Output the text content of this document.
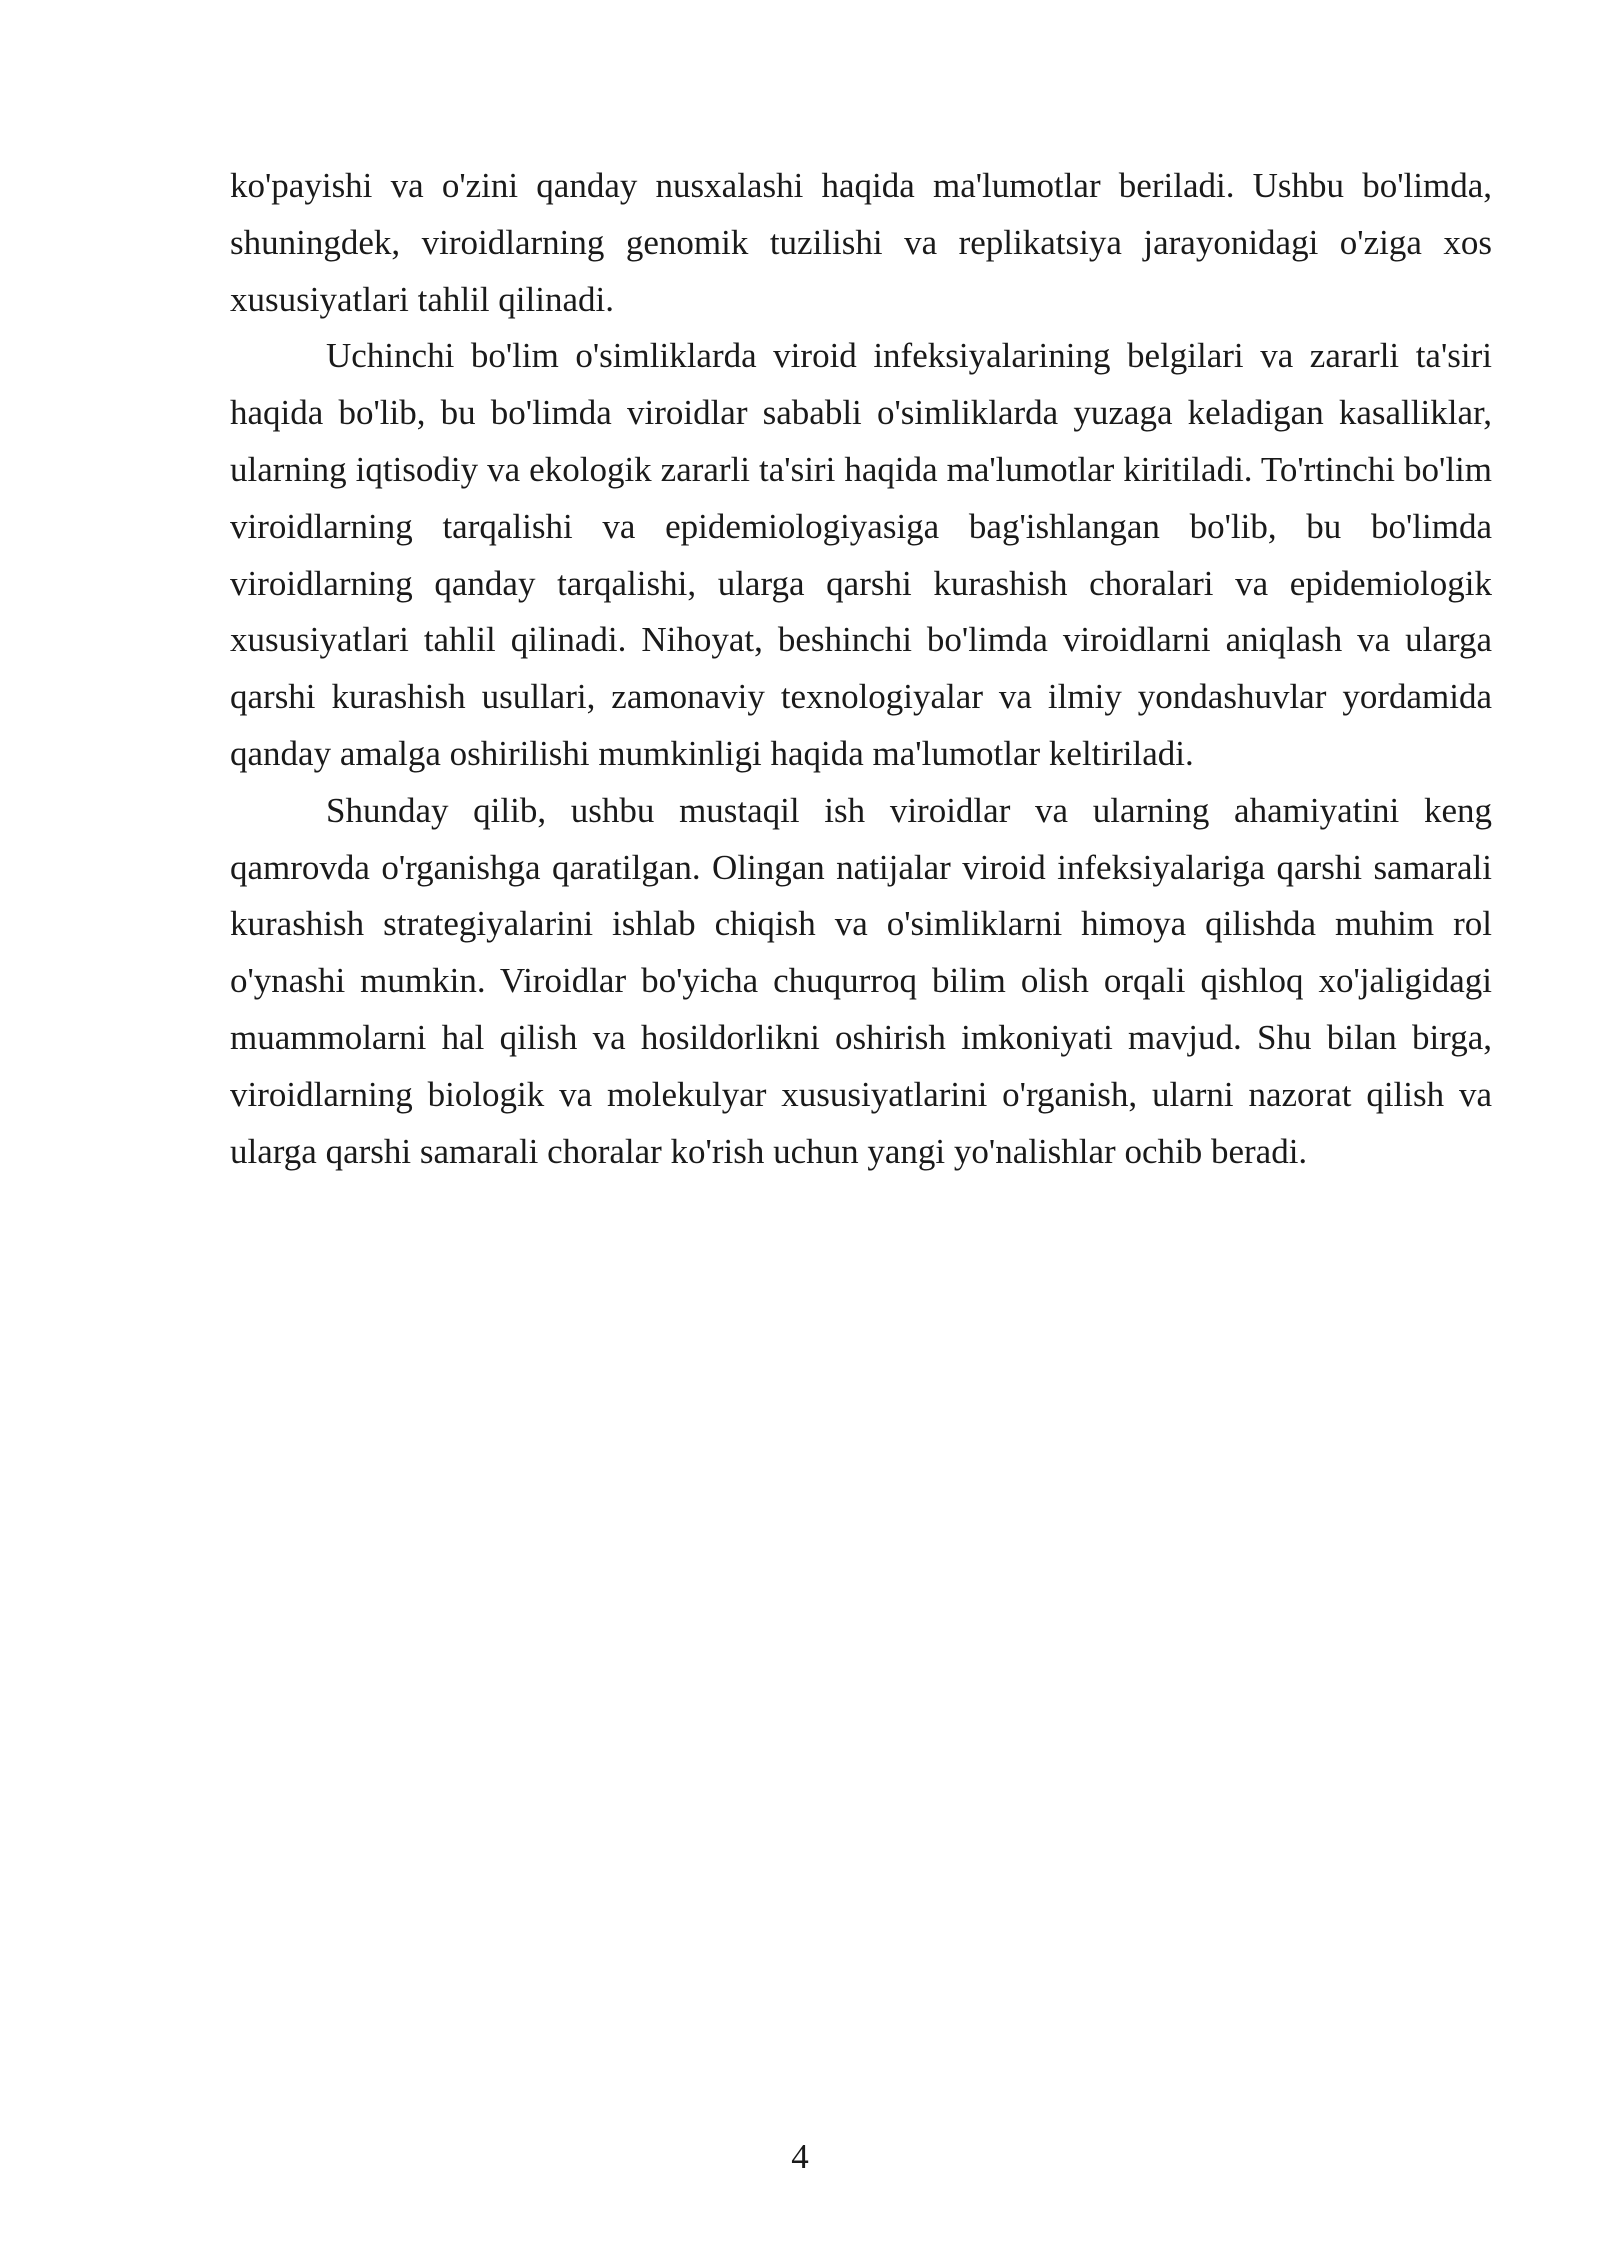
ko'payishi va o'zini qanday nusxalashi haqida ma'lumotlar beriladi. Ushbu bo'limda, shuningdek, viroidlarning genomik tuzilishi va replikatsiya jarayonidagi o'ziga xos xususiyatlari tahlil qilinadi.

Uchinchi bo'lim o'simliklarda viroid infeksiyalarining belgilari va zararli ta'siri haqida bo'lib, bu bo'limda viroidlar sababli o'simliklarda yuzaga keladigan kasalliklar, ularning iqtisodiy va ekologik zararli ta'siri haqida ma'lumotlar kiritiladi. To'rtinchi bo'lim viroidlarning tarqalishi va epidemiologiyasiga bag'ishlangan bo'lib, bu bo'limda viroidlarning qanday tarqalishi, ularga qarshi kurashish choralari va epidemiologik xususiyatlari tahlil qilinadi. Nihoyat, beshinchi bo'limda viroidlarni aniqlash va ularga qarshi kurashish usullari, zamonaviy texnologiyalar va ilmiy yondashuvlar yordamida qanday amalga oshirilishi mumkinligi haqida ma'lumotlar keltiriladi.

Shunday qilib, ushbu mustaqil ish viroidlar va ularning ahamiyatini keng qamrovda o'rganishga qaratilgan. Olingan natijalar viroid infeksiyalariga qarshi samarali kurashish strategiyalarini ishlab chiqish va o'simliklarni himoya qilishda muhim rol o'ynashi mumkin. Viroidlar bo'yicha chuqurroq bilim olish orqali qishloq xo'jaligidagi muammolarni hal qilish va hosildorlikni oshirish imkoniyati mavjud. Shu bilan birga, viroidlarning biologik va molekulyar xususiyatlarini o'rganish, ularni nazorat qilish va ularga qarshi samarali choralar ko'rish uchun yangi yo'nalishlar ochib beradi.

4
